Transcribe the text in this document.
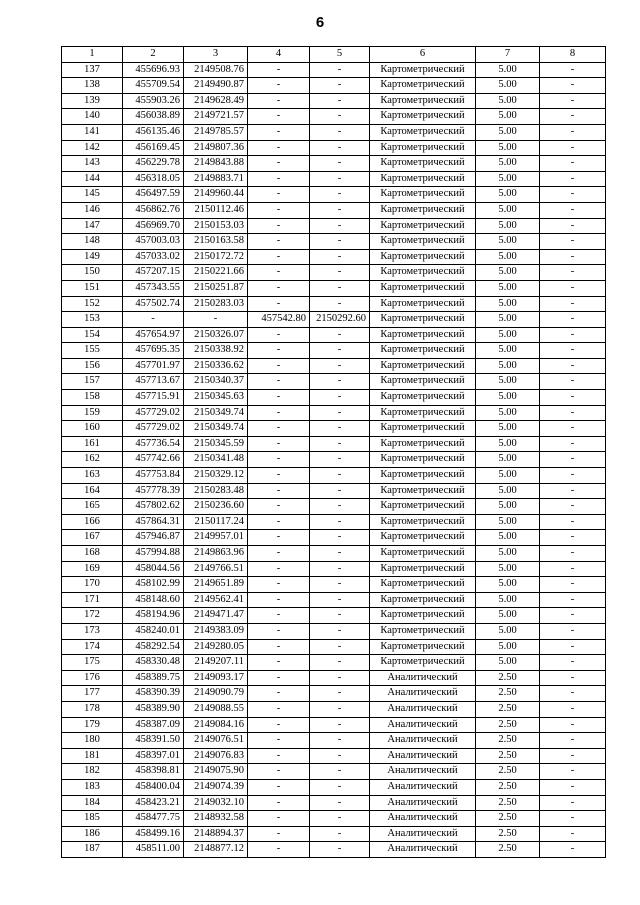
6
1	2	3	4	5	6	7	8
137	455696.93	2149508.76	-	-	Картометрический	5.00	-
138	455709.54	2149490.87	-	-	Картометрический	5.00	-
139	455903.26	2149628.49	-	-	Картометрический	5.00	-
140	456038.89	2149721.57	-	-	Картометрический	5.00	-
141	456135.46	2149785.57	-	-	Картометрический	5.00	-
142	456169.45	2149807.36	-	-	Картометрический	5.00	-
143	456229.78	2149843.88	-	-	Картометрический	5.00	-
144	456318.05	2149883.71	-	-	Картометрический	5.00	-
145	456497.59	2149960.44	-	-	Картометрический	5.00	-
146	456862.76	2150112.46	-	-	Картометрический	5.00	-
147	456969.70	2150153.03	-	-	Картометрический	5.00	-
148	457003.03	2150163.58	-	-	Картометрический	5.00	-
149	457033.02	2150172.72	-	-	Картометрический	5.00	-
150	457207.15	2150221.66	-	-	Картометрический	5.00	-
151	457343.55	2150251.87	-	-	Картометрический	5.00	-
152	457502.74	2150283.03	-	-	Картометрический	5.00	-
153	-	-	457542.80	2150292.60	Картометрический	5.00	-
154	457654.97	2150326.07	-	-	Картометрический	5.00	-
155	457695.35	2150338.92	-	-	Картометрический	5.00	-
156	457701.97	2150336.62	-	-	Картометрический	5.00	-
157	457713.67	2150340.37	-	-	Картометрический	5.00	-
158	457715.91	2150345.63	-	-	Картометрический	5.00	-
159	457729.02	2150349.74	-	-	Картометрический	5.00	-
160	457729.02	2150349.74	-	-	Картометрический	5.00	-
161	457736.54	2150345.59	-	-	Картометрический	5.00	-
162	457742.66	2150341.48	-	-	Картометрический	5.00	-
163	457753.84	2150329.12	-	-	Картометрический	5.00	-
164	457778.39	2150283.48	-	-	Картометрический	5.00	-
165	457802.62	2150236.60	-	-	Картометрический	5.00	-
166	457864.31	2150117.24	-	-	Картометрический	5.00	-
167	457946.87	2149957.01	-	-	Картометрический	5.00	-
168	457994.88	2149863.96	-	-	Картометрический	5.00	-
169	458044.56	2149766.51	-	-	Картометрический	5.00	-
170	458102.99	2149651.89	-	-	Картометрический	5.00	-
171	458148.60	2149562.41	-	-	Картометрический	5.00	-
172	458194.96	2149471.47	-	-	Картометрический	5.00	-
173	458240.01	2149383.09	-	-	Картометрический	5.00	-
174	458292.54	2149280.05	-	-	Картометрический	5.00	-
175	458330.48	2149207.11	-	-	Картометрический	5.00	-
176	458389.75	2149093.17	-	-	Аналитический	2.50	-
177	458390.39	2149090.79	-	-	Аналитический	2.50	-
178	458389.90	2149088.55	-	-	Аналитический	2.50	-
179	458387.09	2149084.16	-	-	Аналитический	2.50	-
180	458391.50	2149076.51	-	-	Аналитический	2.50	-
181	458397.01	2149076.83	-	-	Аналитический	2.50	-
182	458398.81	2149075.90	-	-	Аналитический	2.50	-
183	458400.04	2149074.39	-	-	Аналитический	2.50	-
184	458423.21	2149032.10	-	-	Аналитический	2.50	-
185	458477.75	2148932.58	-	-	Аналитический	2.50	-
186	458499.16	2148894.37	-	-	Аналитический	2.50	-
187	458511.00	2148877.12	-	-	Аналитический	2.50	-
